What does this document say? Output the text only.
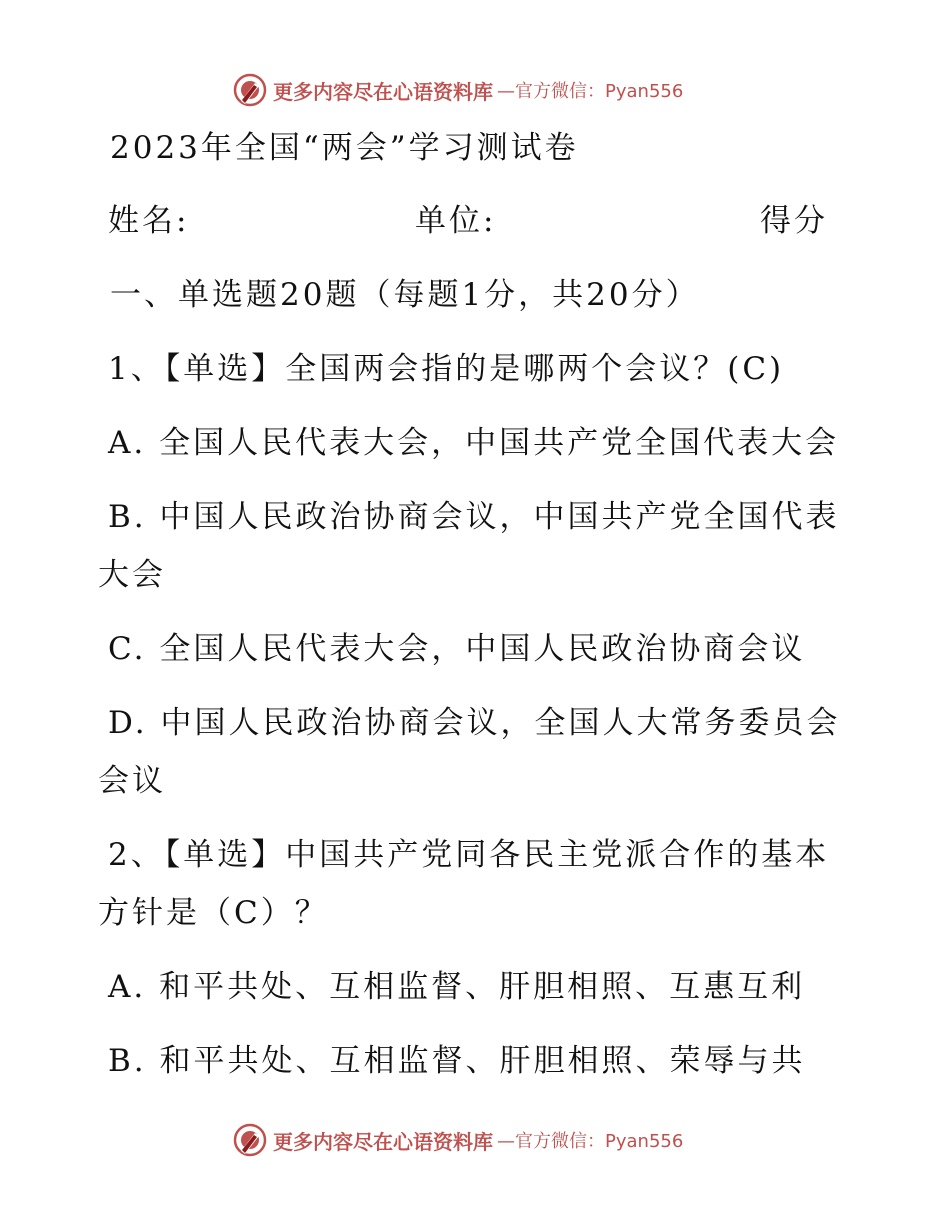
更多内容尽在心语资料库 —官方微信：Pyan556
2023年全国“两会”学习测试卷
姓名:	单位:	得分
一、单选题20题（每题1分，共20分）
1、【单选】全国两会指的是哪两个会议？(C)
A. 全国人民代表大会，中国共产党全国代表大会
B. 中国人民政治协商会议，中国共产党全国代表
大会
C. 全国人民代表大会，中国人民政治协商会议
D. 中国人民政治协商会议，全国人大常务委员会
会议
2、【单选】中国共产党同各民主党派合作的基本
方针是（C）？
A. 和平共处、互相监督、肝胆相照、互惠互利
B. 和平共处、互相监督、肝胆相照、荣辱与共
更多内容尽在心语资料库 —官方微信：Pyan556
